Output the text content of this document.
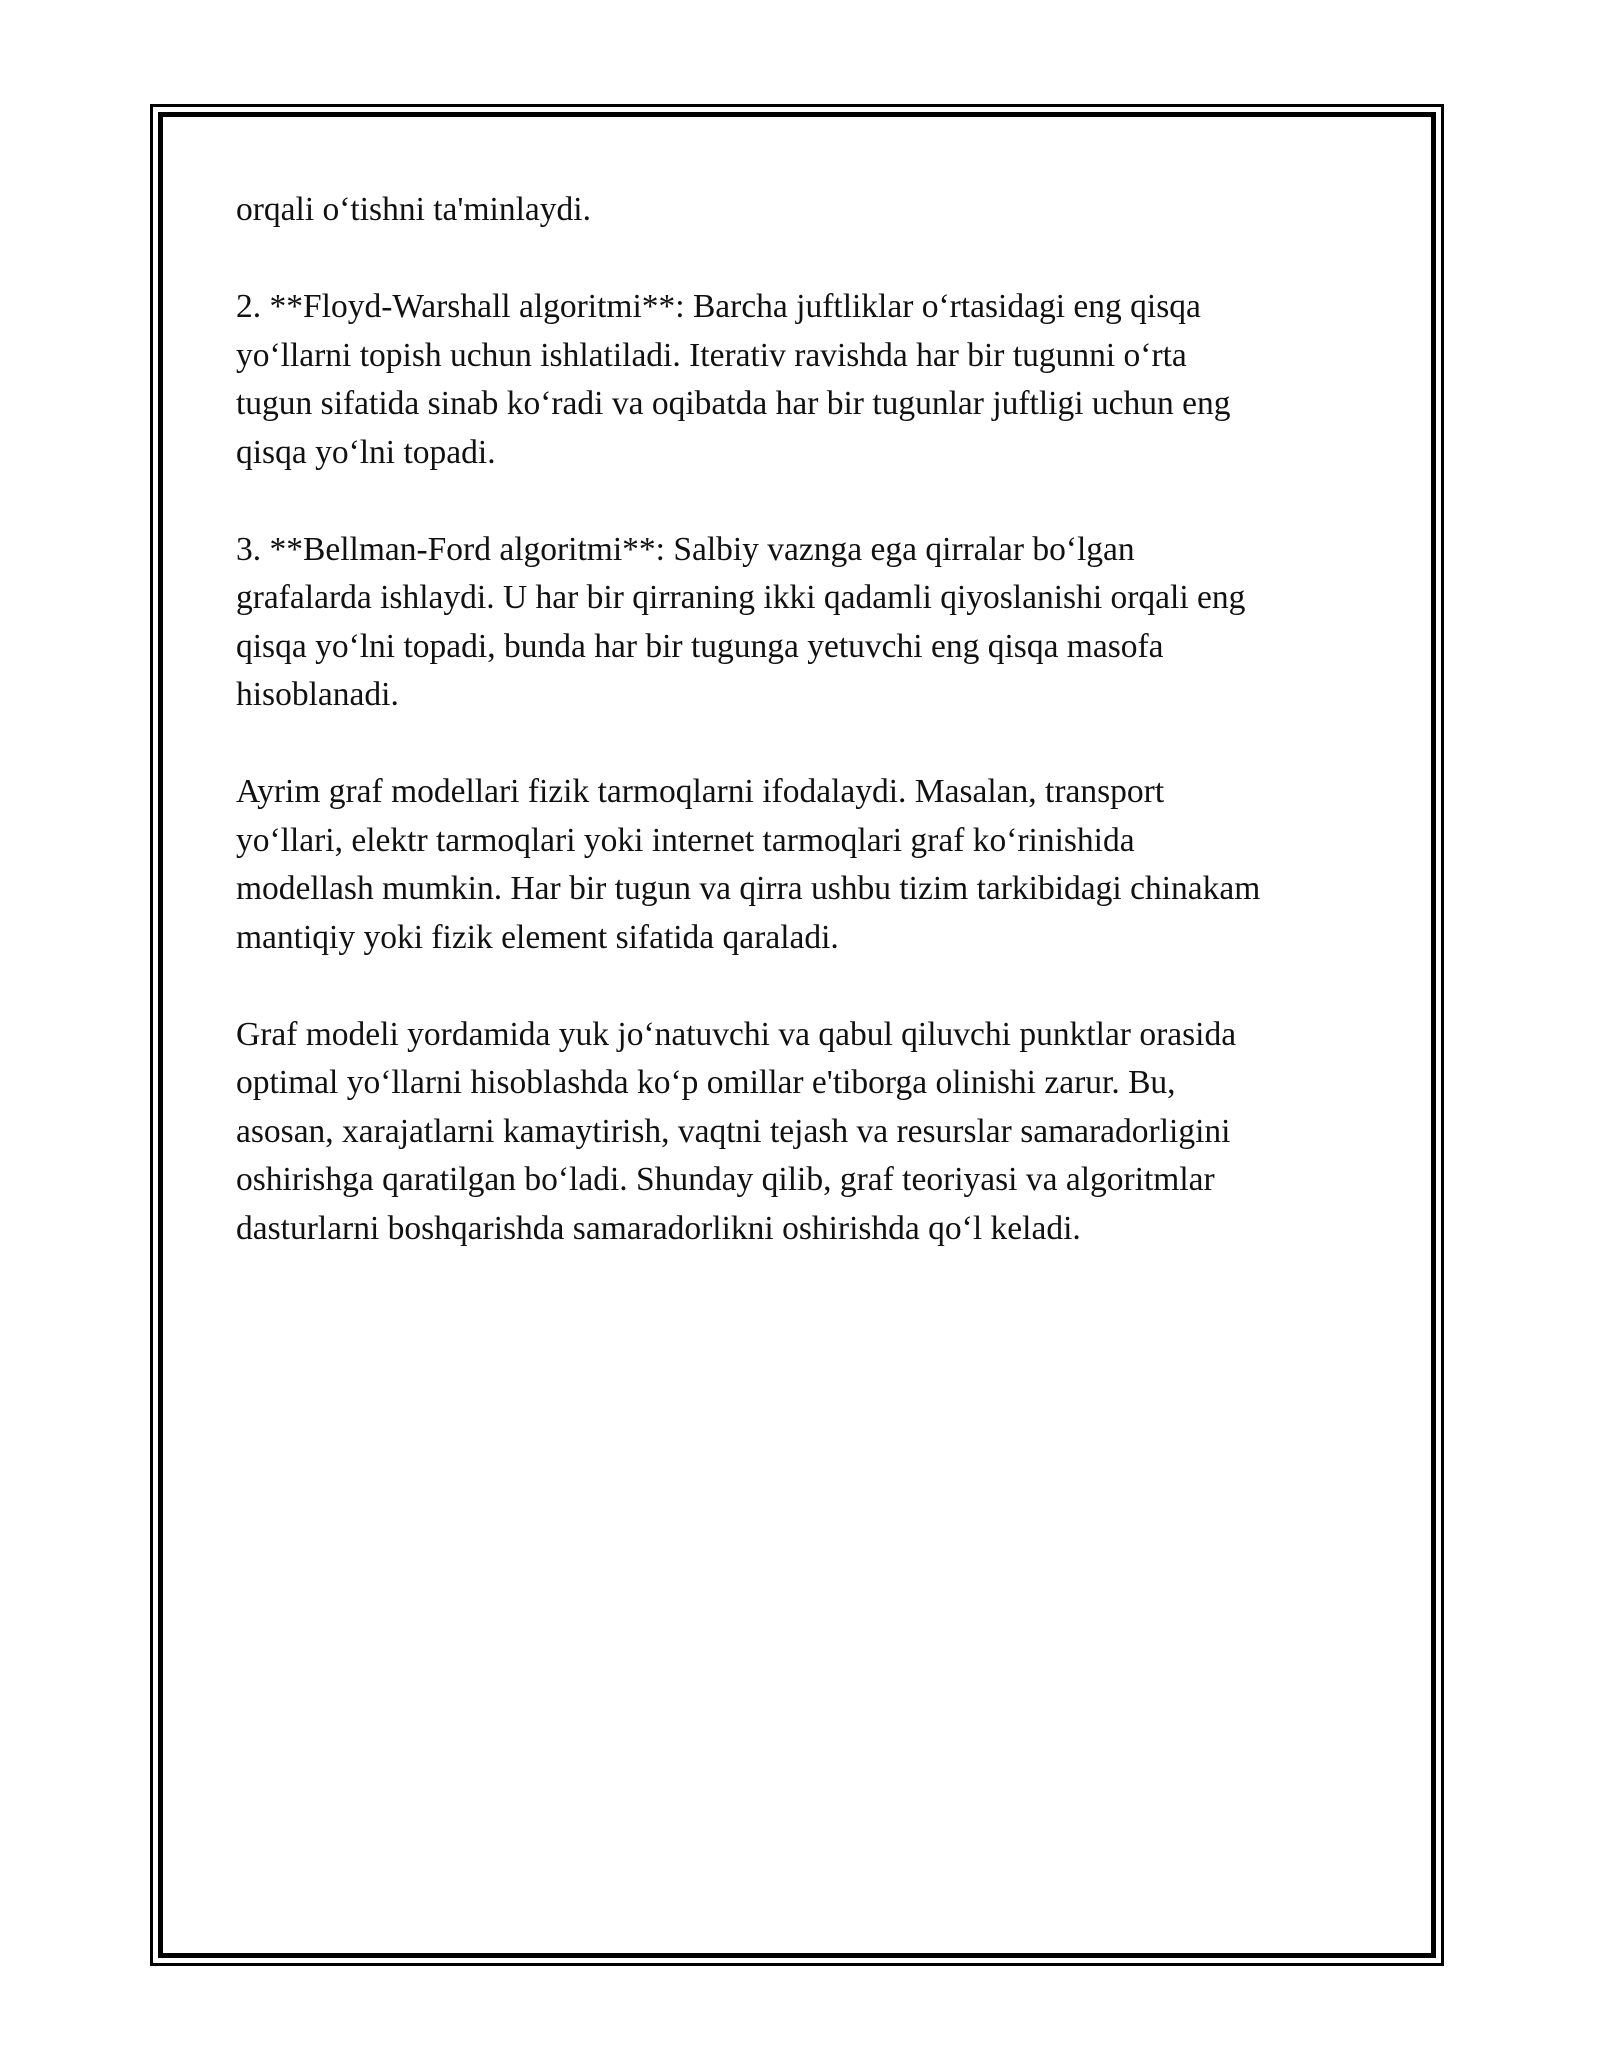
orqali o‘tishni ta'minlaydi.

2. **Floyd-Warshall algoritmi**: Barcha juftliklar o‘rtasidagi eng qisqa
yo‘llarni topish uchun ishlatiladi. Iterativ ravishda har bir tugunni o‘rta
tugun sifatida sinab ko‘radi va oqibatda har bir tugunlar juftligi uchun eng
qisqa yo‘lni topadi.

3. **Bellman-Ford algoritmi**: Salbiy vaznga ega qirralar bo‘lgan
grafalarda ishlaydi. U har bir qirraning ikki qadamli qiyoslanishi orqali eng
qisqa yo‘lni topadi, bunda har bir tugunga yetuvchi eng qisqa masofa
hisoblanadi.

Ayrim graf modellari fizik tarmoqlarni ifodalaydi. Masalan, transport
yo‘llari, elektr tarmoqlari yoki internet tarmoqlari graf ko‘rinishida
modellash mumkin. Har bir tugun va qirra ushbu tizim tarkibidagi chinakam
mantiqiy yoki fizik element sifatida qaraladi.

Graf modeli yordamida yuk jo‘natuvchi va qabul qiluvchi punktlar orasida
optimal yo‘llarni hisoblashda ko‘p omillar e'tiborga olinishi zarur. Bu,
asosan, xarajatlarni kamaytirish, vaqtni tejash va resurslar samaradorligini
oshirishga qaratilgan bo‘ladi. Shunday qilib, graf teoriyasi va algoritmlar
dasturlarni boshqarishda samaradorlikni oshirishda qo‘l keladi.
